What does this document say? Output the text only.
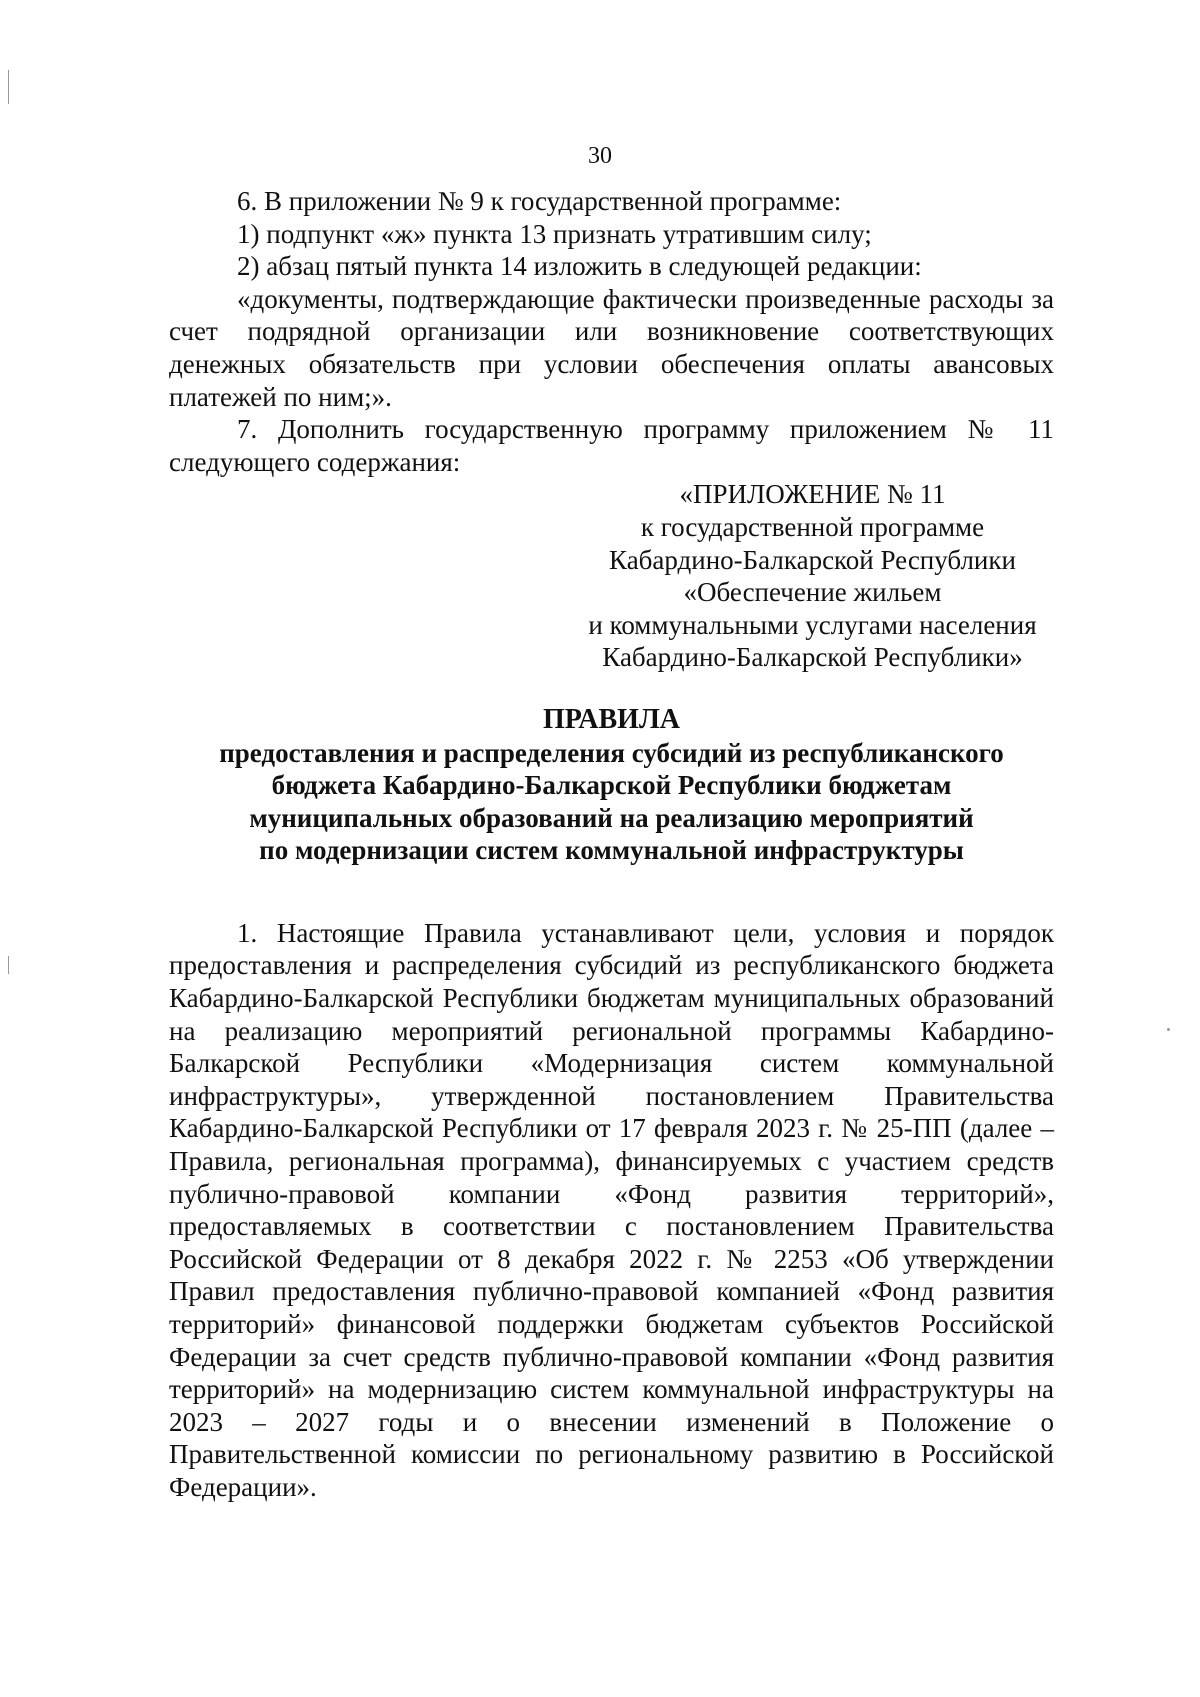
30

6. В приложении № 9 к государственной программе:

1) подпункт «ж» пункта 13 признать утратившим силу;

2) абзац пятый пункта 14 изложить в следующей редакции:

«документы, подтверждающие фактически произведенные расходы за счет подрядной организации или возникновение соответствующих денежных обязательств при условии обеспечения оплаты авансовых платежей по ним;».

7. Дополнить государственную программу приложением № 11 следующего содержания:

«ПРИЛОЖЕНИЕ № 11
к государственной программе
Кабардино-Балкарской Республики
«Обеспечение жильем
и коммунальными услугами населения
Кабардино-Балкарской Республики»
ПРАВИЛА
предоставления и распределения субсидий из республиканского
бюджета Кабардино-Балкарской Республики бюджетам
муниципальных образований на реализацию мероприятий
по модернизации систем коммунальной инфраструктуры

1. Настоящие Правила устанавливают цели, условия и порядок предоставления и распределения субсидий из республиканского бюджета Кабардино-Балкарской Республики бюджетам муниципальных образований на реализацию мероприятий региональной программы Кабардино-Балкарской Республики «Модернизация систем коммунальной инфраструктуры», утвержденной постановлением Правительства Кабардино-Балкарской Республики от 17 февраля 2023 г. № 25-ПП (далее – Правила, региональная программа), финансируемых с участием средств публично-правовой компании «Фонд развития территорий», предоставляемых в соответствии с постановлением Правительства Российской Федерации от 8 декабря 2022 г. № 2253 «Об утверждении Правил предоставления публично-правовой компанией «Фонд развития территорий» финансовой поддержки бюджетам субъектов Российской Федерации за счет средств публично-правовой компании «Фонд развития территорий» на модернизацию систем коммунальной инфраструктуры на 2023 – 2027 годы и о внесении изменений в Положение о Правительственной комиссии по региональному развитию в Российской Федерации».
